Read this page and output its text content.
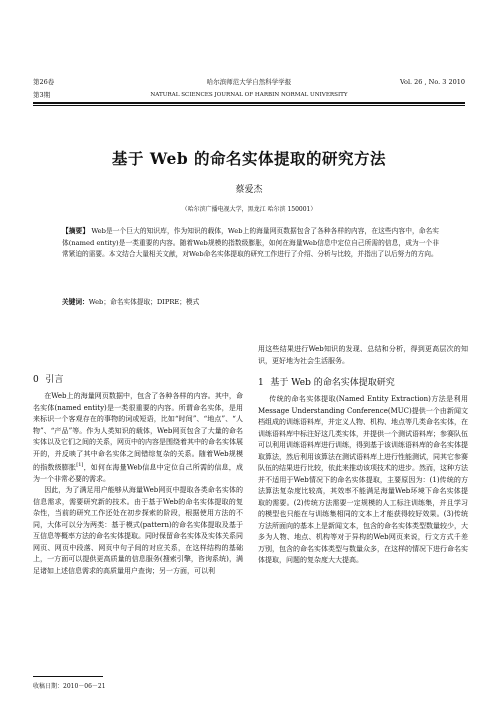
第26卷
第3期
哈尔滨师范大学自然科学学报
NATURAL SCIENCES JOURNAL OF HARBIN NORMAL UNIVERSITY
Vol. 26 , No. 3 2010
基于 Web 的命名实体提取的研究方法
蔡爱杰
（哈尔滨广播电视大学，黑龙江 哈尔滨 150001）
【摘要】 Web是一个巨大的知识库，作为知识的载体，Web上的海量网页数据包含了各种各样的内容，在这些内容中，命名实体(named entity)是一类重要的内容。随着Web规模的指数级膨胀，如何在海量Web信息中定位自己所需的信息，成为一个非常紧迫的需要。本文结合大量相关文献，对Web命名实体提取的研究工作进行了介绍、分析与比较，并指出了以后努力的方向。
关键词：Web；命名实体提取；DIPRE；模式
0 引言

在Web上的海量网页数据中，包含了各种各样的内容。其中，命名实体(named entity)是一类很重要的内容。所谓命名实体，是用来标识一个客观存在的事物的词或短语，比如“时间”、“地点”、“人物”、“产品”等。作为人类知识的载体，Web网页包含了大量的命名实体以及它们之间的关系，网页中的内容是围绕着其中的命名实体展开的，并反映了其中命名实体之间错综复杂的关系。随着Web规模的指数级膨胀[1]，如何在海量Web信息中定位自己所需的信息，成为一个非常必要的需求。

因此，为了满足用户能够从海量Web网页中提取各类命名实体的信息需求，需要研究新的技术。由于基于Web的命名实体提取的复杂性，当前的研究工作还处在初步探索的阶段，根据使用方法的不同，大体可以分为两类：基于模式(pattern)的命名实体提取及基于互信息等概率方法的命名实体提取。同时保留命名实体及实体关系同网页、网页中段落、网页中句子间的对应关系，在这样结构的基础上，一方面可以提供更高质量的信息服务(搜索引擎，咨询系统)，满足诸如上述信息需求的高质量用户查询；另一方面，可以利

用这些结果进行Web知识的发现、总结和分析，得到更高层次的知识，更好地为社会生活服务。

1 基于 Web 的命名实体提取研究

传统的命名实体提取(Named Entity Extraction)方法是利用Message Understanding Conference(MUC)提供一个由新闻文档组成的训练语料库，并定义人物、机构、地点等几类命名实体，在训练语料库中标注好这几类实体，并提供一个测试语料库；参赛队伍可以利用训练语料库进行训练，得到基于该训练语料库的命名实体提取算法，然后利用该算法在测试语料库上进行性能测试，同其它参赛队伍的结果进行比较，依此来推动该项技术的进步。然而，这种方法并不适用于Web情况下的命名实体提取，主要原因为：(1)传统的方法算法复杂度比较高，其效率不能满足海量Web环境下命名实体提取的需要。(2)传统方法需要一定规模的人工标注训练集，并且学习的模型也只能在与训练集相同的文本上才能获得较好效果。(3)传统方法所面向的基本上是新闻文本，包含的命名实体类型数量较少，大多为人物、地点、机构等对于异构的Web网页来说，行文方式千差万别，包含的命名实体类型与数量众多，在这样的情况下进行命名实体提取，问题的复杂度大大提高。

收稿日期：2010－06－21
